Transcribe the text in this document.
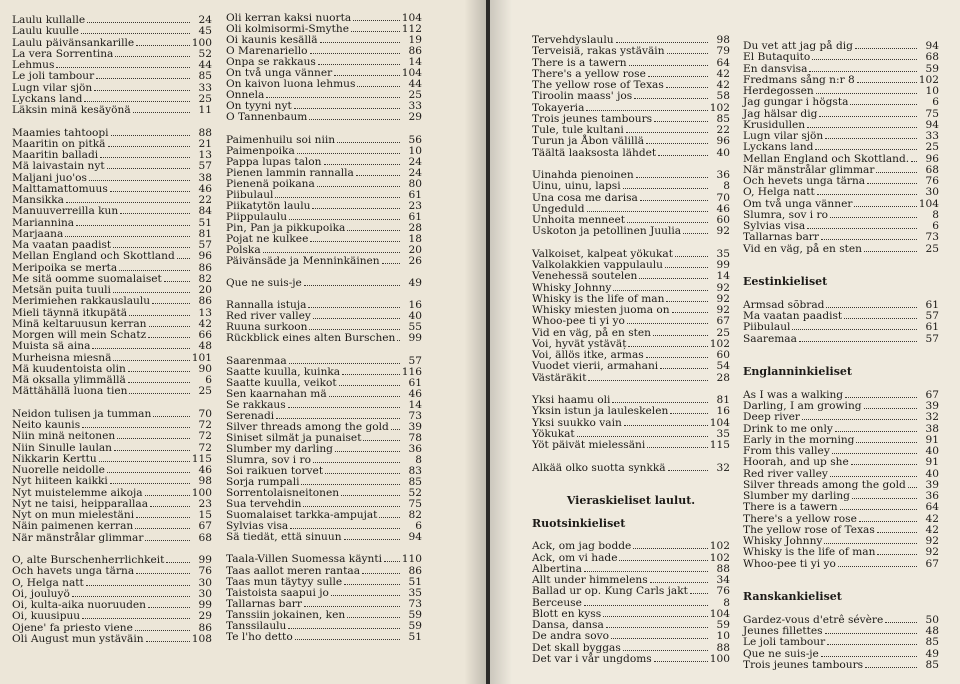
Laulu kullalle	24
Laulu kuulle	45
Laulu päivänsankarille	100
La vera Sorrentina	52
Lehmus	44
Le joli tambour	85
Lugn vilar sjön	33
Lyckans land	25
Läksin minä kesäyönä	11
Maamies tahtoopi	88
Maaritin on pitkä	21
Maaritin balladi	13
Mä laivastain nyt	57
Maljani juo'os	38
Malttamattomuus	46
Mansikka	22
Manuuverreilla kun	84
Mariannina	51
Marjaana	81
Ma vaatan paadist	57
Mellan England och Skottland	96
Meripoika se merta	86
Me sitä oomme suomalaiset	82
Metsän puita tuuli	20
Merimiehen rakkauslaulu	86
Mieli täynnä itkupätä	13
Minä keltaruusun kerran	42
Morgen will mein Schatz	66
Muista sä aina	48
Murheisna miesnä	101
Mä kuudentoista olin	90
Mä oksalla ylimmällä	6
Mättähällä luona tien	25
Neidon tulisen ja tumman	70
Neito kaunis	72
Niin minä neitonen	72
Niin Sinulle laulan	72
Nikkarin Kerttu	115
Nuorelle neidolle	46
Nyt hiiteen kaikki	98
Nyt muistelemme aikoja	100
Nyt ne taisi, heipparallaa	23
Nyt on mun mielestäni	15
Näin paimenen kerran	67
När mänstrålar glimmar	68
O, alte Burschenherrlichkeit	99
Och havets unga tärna	76
O, Helga natt	30
Oi, jouluyö	30
Oi, kulta-aika nuoruuden	99
Oi, kuusipuu	29
Ojene' fa priesto viene	86
Oli August mun ystäväin	108
Oli kerran kaksi nuorta	104
Oli kolmisormi-Smythe	112
Oi kaunis kesällä	19
O Marenariello	86
Onpa se rakkaus	14
On två unga vänner	104
On kaivon luona lehmus	44
Onnela	25
On tyyni nyt	33
O Tannenbaum	29
Paimenhuilu soi niin	56
Paimenpoika	10
Pappa lupas talon	24
Pienen lammin rannalla	24
Pienenä poikana	80
Piibulaul	61
Piikatytön laulu	23
Piippulaulu	61
Pin, Pan ja pikkupoika	28
Pojat ne kulkee	18
Polska	20
Päivänsäde ja Menninkäinen	26
Que ne suis-je	49
Rannalla istuja	16
Red river valley	40
Ruuna surkoon	55
Rückblick eines alten Burschen	99
Saarenmaa	57
Saatte kuulla, kuinka	116
Saatte kuulla, veikot	61
Sen kaarnahan mä	46
Se rakkaus	14
Serenadi	73
Silver threads among the gold	39
Siniset silmät ja punaiset	78
Slumber my darling	36
Slumra, sov i ro	8
Soi raikuen torvet	83
Sorja rumpali	85
Sorrentolaisneitonen	52
Sua tervehdin	75
Suomalaiset tarkka-ampujat	82
Sylvias visa	6
Sä tiedät, että sinuun	94
Taala-Villen Suomessa käynti 110
Taas aallot meren rantaa	86
Taas mun täytyy sulle	51
Taistoista saapui jo	35
Tallarnas barr	73
Tanssiin jokainen, ken	59
Tanssilaulu	59
Te l'ho detto	51
Tervehdyslaulu	98
Terveisiä, rakas ystäväin	79
There is a tawern	64
There's a yellow rose	42
The yellow rose of Texas	42
Tiroolin maass' jos	58
Tokayeria	102
Trois jeunes tambours	85
Tule, tule kultani	22
Turun ja Åbon välillä	96
Täältä laaksosta lähdet	40
Uinahda pienoinen	36
Uinu, uinu, lapsi	8
Una cosa me darisa	70
Ungeduld	46
Unhoita menneet	60
Uskoton ja petollinen Juulia	92
Valkoiset, kalpeat yökukat	35
Valkolakkien vappulaulu	99
Venehessä soutelen	14
Whisky Johnny	92
Whisky is the life of man	92
Whisky miesten juoma on	92
Whoo-pee ti yi yo	67
Vid en väg, på en sten	25
Voi, hyvät ystäväț	102
Voi, ällös itke, armas	60
Vuodet vierii, armahani	54
Västäräkit	28
Yksi haamu oli	81
Yksin istun ja lauleskelen	16
Yksi suukko vain	104
Yökukat	35
Yöt päivät mielessäni	115
Alkää olko suotta synkkä	32
Vieraskieliset laulut.
Ruotsinkieliset
Ack, om jag bodde	102
Ack, om vi hade	102
Albertina	88
Allt under himmelens	34
Ballad ur op. Kung Carls jakt	76
Berceuse	8
Blott en kyss	104
Dansa, dansa	59
De andra sovo	10
Det skall byggas	88
Det var i vår ungdoms	100
Du vet att jag på dig	94
El Butaquito	68
En dansvisa	59
Fredmans sång n:r 8	102
Herdegossen	10
Jag gungar i högsta	6
Jag hälsar dig	75
Krusidullen	94
Lugn vilar sjön	33
Lyckans land	25
Mellan England och Skottland.	96
När mänstrålar glimmar	68
Och hevets unga tärna	76
O, Helga natt	30
Om två unga vänner	104
Slumra, sov i ro	8
Sylvias visa	6
Tallarnas barr	73
Vid en väg, på en sten	25
Eestinkieliset
Armsad sõbrad	61
Ma vaatan paadist	57
Piibulaul	61
Saaremaa	57
Englanninkieliset
As I was a walking	67
Darling, I am growing	39
Deep river	32
Drink to me only	38
Early in the morning	91
From this valley	40
Hoorah, and up she	91
Red river valley	40
Silver threads among the gold	39
Slumber my darling	36
There is a tawern	64
There's a yellow rose	42
The yellow rose of Texas	42
Whisky Johnny	92
Whisky is the life of man	92
Whoo-pee ti yi yo	67
Ranskankieliset
Gardez-vous d'etrê sévère	50
Jeunes fillettes	48
Le joli tambour	85
Que ne suis-je	49
Trois jeunes tambours	85
